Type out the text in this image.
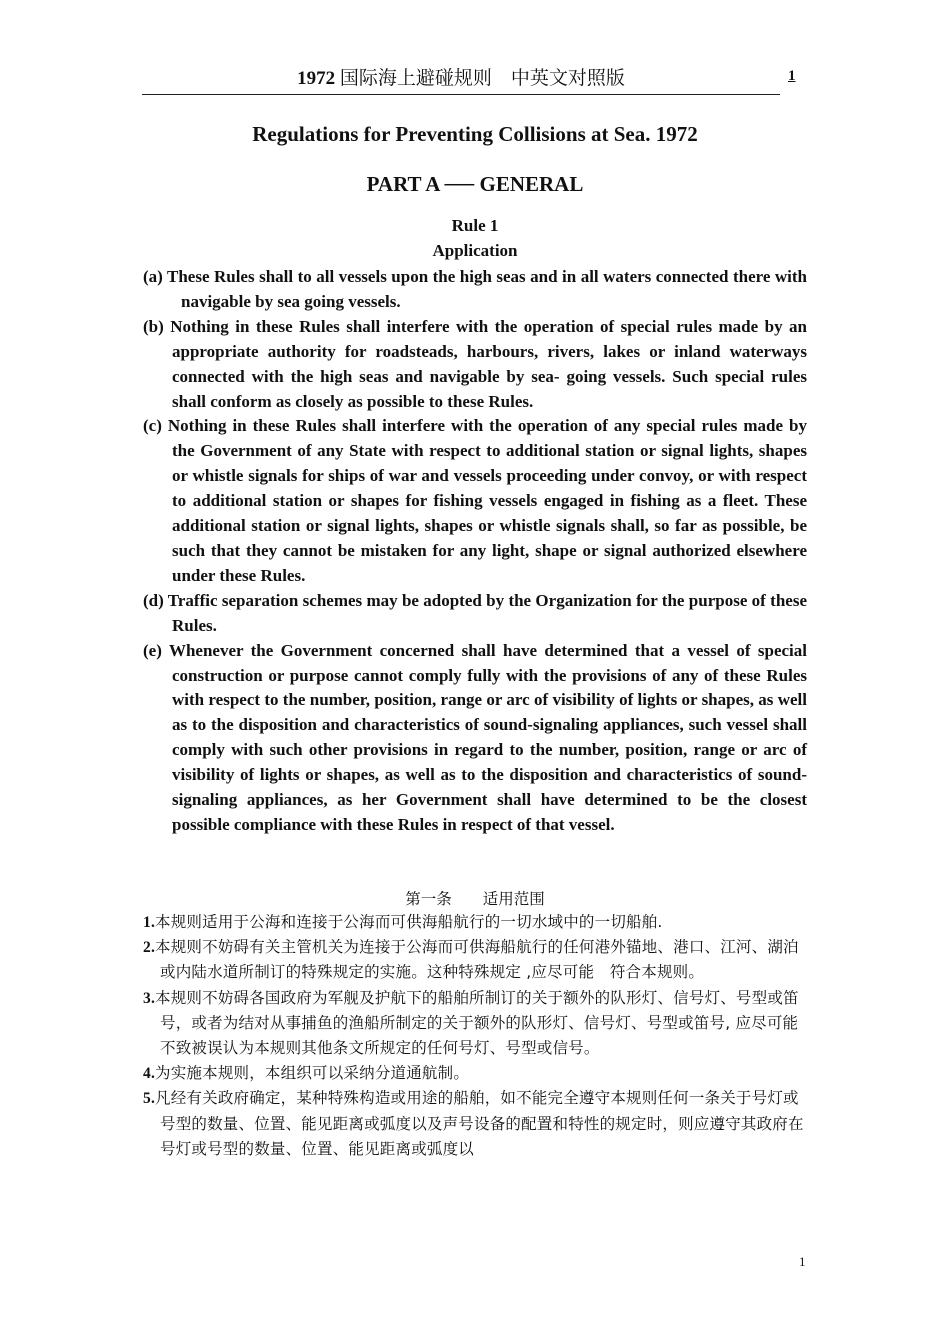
1972 国际海上避碰规则　中英文对照版	1
Regulations for Preventing Collisions at Sea. 1972
PART A ── GENERAL
Rule 1
Application
(a) These Rules shall to all vessels upon the high seas and in all waters connected there with navigable by sea going vessels.
(b) Nothing in these Rules shall interfere with the operation of special rules made by an appropriate authority for roadsteads, harbours, rivers, lakes or inland waterways connected with the high seas and navigable by sea- going vessels. Such special rules shall conform as closely as possible to these Rules.
(c) Nothing in these Rules shall interfere with the operation of any special rules made by the Government of any State with respect to additional station or signal lights, shapes or whistle signals for ships of war and vessels proceeding under convoy, or with respect to additional station or shapes for fishing vessels engaged in fishing as a fleet. These additional station or signal lights, shapes or whistle signals shall, so far as possible, be such that they cannot be mistaken for any light, shape or signal authorized elsewhere under these Rules.
(d) Traffic separation schemes may be adopted by the Organization for the purpose of these Rules.
(e) Whenever the Government concerned shall have determined that a vessel of special construction or purpose cannot comply fully with the provisions of any of these Rules with respect to the number, position, range or arc of visibility of lights or shapes, as well as to the disposition and characteristics of sound-signaling appliances, such vessel shall comply with such other provisions in regard to the number, position, range or arc of visibility of lights or shapes, as well as to the disposition and characteristics of sound-signaling appliances, as her Government shall have determined to be the closest possible compliance with these Rules in respect of that vessel.
第一条 适用范围
1.本规则适用于公海和连接于公海而可供海船航行的一切水域中的一切船舶.
2.本规则不妨碍有关主管机关为连接于公海而可供海船航行的任何港外锚地、港口、江河、湖泊或内陆水道所制订的特殊规定的实施。这种特殊规定 ,应尽可能　符合本规则。
3.本规则不妨碍各国政府为军舰及护航下的船舶所制订的关于额外的队形灯、信号灯、号型或笛号，或者为结对从事捕鱼的渔船所制定的关于额外的队形灯、信号灯、号型或笛号, 应尽可能不致被误认为本规则其他条文所规定的任何号灯、号型或信号。
4.为实施本规则，本组织可以采纳分道通航制。
5.凡经有关政府确定，某种特殊构造或用途的船舶，如不能完全遵守本规则任何一条关于号灯或号型的数量、位置、能见距离或弧度以及声号设备的配置和特性的规定时，则应遵守其政府在号灯或号型的数量、位置、能见距离或弧度以
1
